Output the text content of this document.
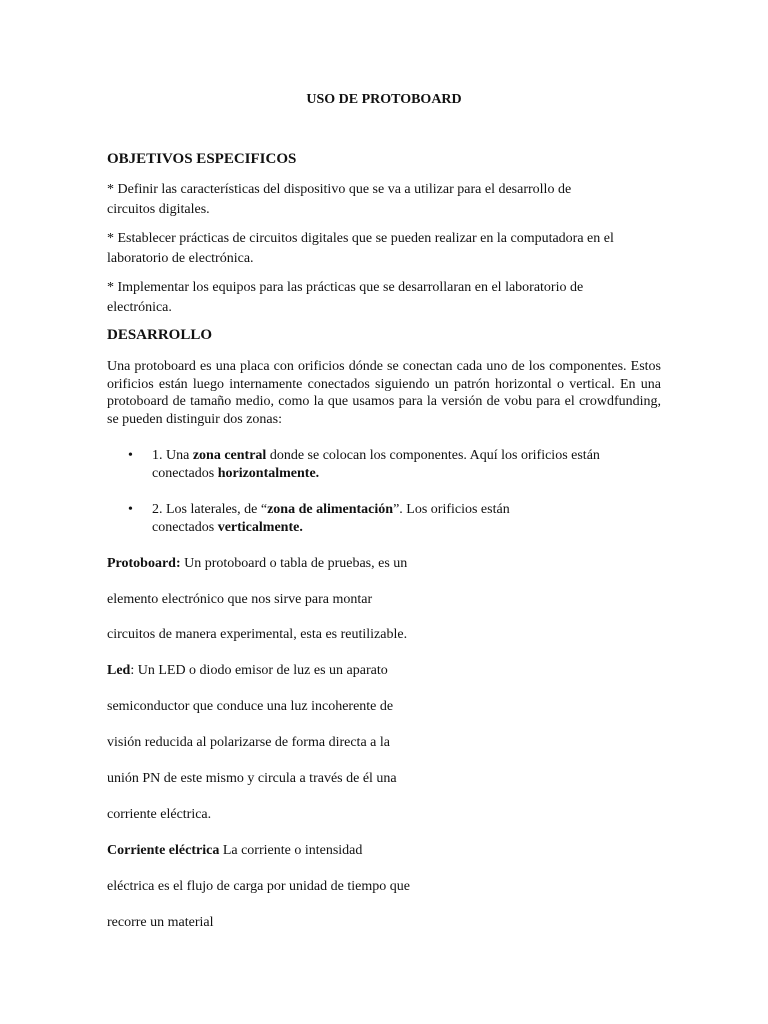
USO DE PROTOBOARD
OBJETIVOS ESPECIFICOS
* Definir las características del dispositivo que se va a utilizar para el desarrollo de
circuitos digitales.
* Establecer prácticas de circuitos digitales que se pueden realizar en la computadora en el
laboratorio de electrónica.
* Implementar los equipos para las prácticas que se desarrollaran en el laboratorio de
electrónica.
DESARROLLO
Una protoboard es una placa con orificios dónde se conectan cada uno de los componentes. Estos orificios están luego internamente conectados siguiendo un patrón horizontal o vertical. En una protoboard de tamaño medio, como la que usamos para la versión de vobu para el crowdfunding, se pueden distinguir dos zonas:
• 1. Una zona central donde se colocan los componentes. Aquí los orificios están
conectados horizontalmente.
• 2. Los laterales, de “zona de alimentación”. Los orificios están
conectados verticalmente.
Protoboard: Un protoboard o tabla de pruebas, es un
elemento electrónico que nos sirve para montar
circuitos de manera experimental, esta es reutilizable.
Led: Un LED o diodo emisor de luz es un aparato
semiconductor que conduce una luz incoherente de
visión reducida al polarizarse de forma directa a la
unión PN de este mismo y circula a través de él una
corriente eléctrica.
Corriente eléctrica La corriente o intensidad
eléctrica es el flujo de carga por unidad de tiempo que
recorre un material
